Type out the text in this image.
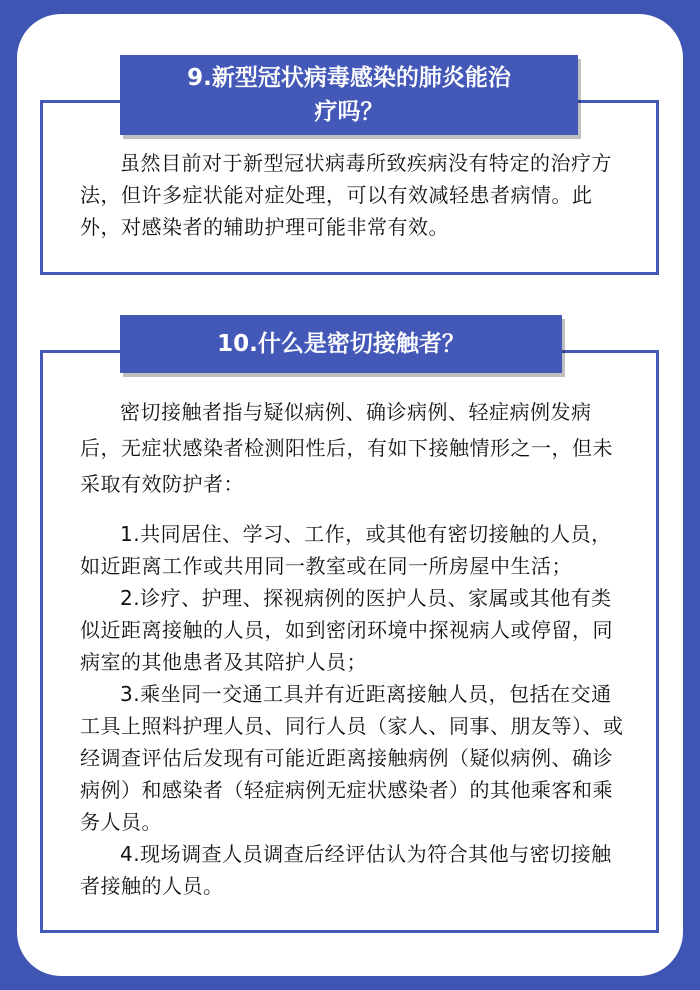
9.新型冠状病毒感染的肺炎能治
疗吗？

虽然目前对于新型冠状病毒所致疾病没有特定的治疗方法，但许多症状能对症处理，可以有效减轻患者病情。此外，对感染者的辅助护理可能非常有效。

10.什么是密切接触者？

密切接触者指与疑似病例、确诊病例、轻症病例发病后，无症状感染者检测阳性后，有如下接触情形之一，但未采取有效防护者：

1.共同居住、学习、工作，或其他有密切接触的人员，如近距离工作或共用同一教室或在同一所房屋中生活；

2.诊疗、护理、探视病例的医护人员、家属或其他有类似近距离接触的人员，如到密闭环境中探视病人或停留，同病室的其他患者及其陪护人员；

3.乘坐同一交通工具并有近距离接触人员，包括在交通工具上照料护理人员、同行人员（家人、同事、朋友等）、或经调查评估后发现有可能近距离接触病例（疑似病例、确诊病例）和感染者（轻症病例无症状感染者）的其他乘客和乘务人员。

4.现场调查人员调查后经评估认为符合其他与密切接触者接触的人员。
